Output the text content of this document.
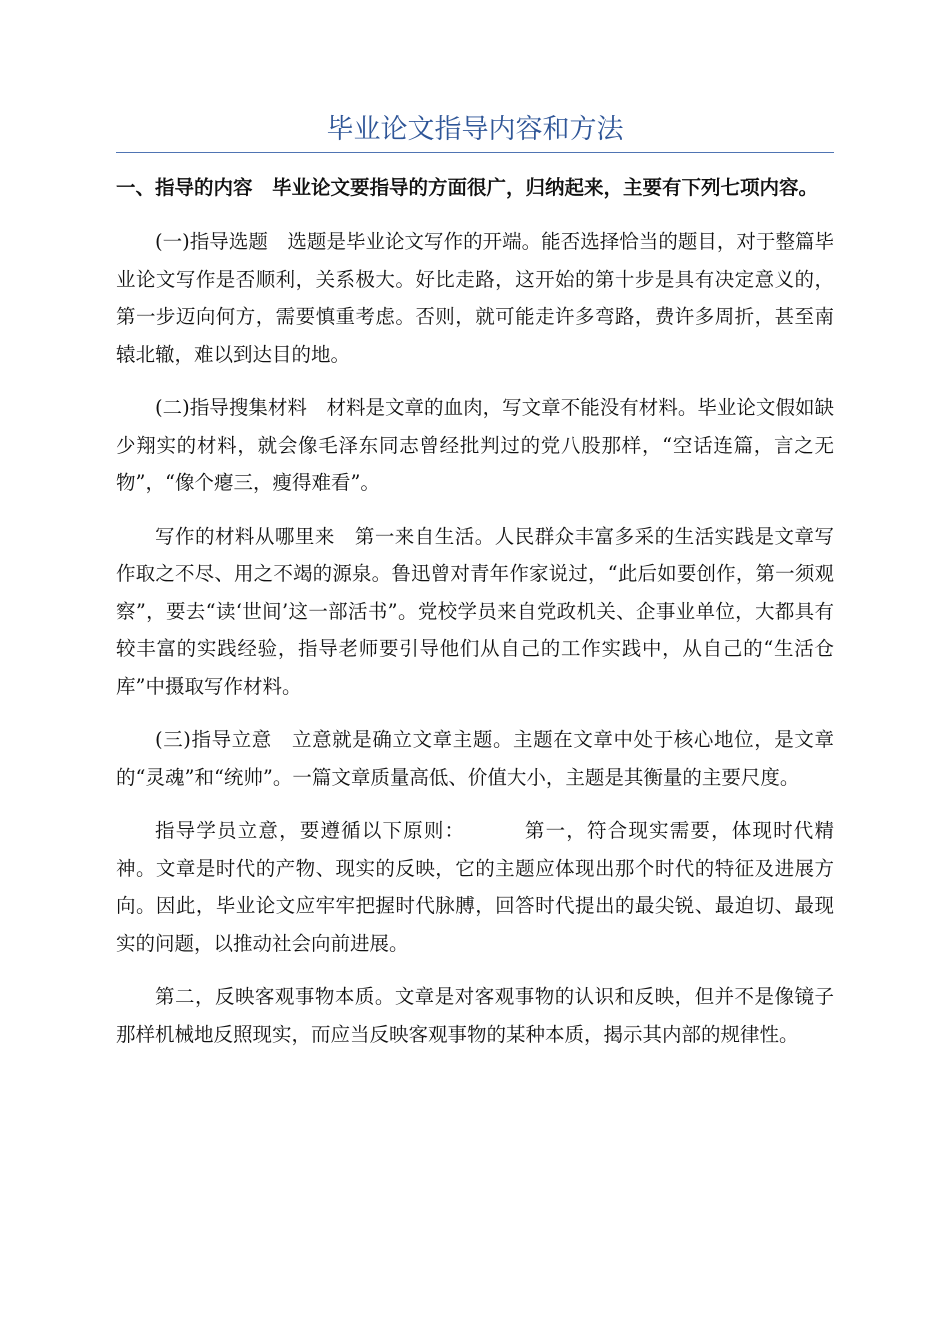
毕业论文指导内容和方法

一、指导的内容 毕业论文要指导的方面很广，归纳起来，主要有下列七项内容。

(一)指导选题 选题是毕业论文写作的开端。能否选择恰当的题目，对于整篇毕业论文写作是否顺利，关系极大。好比走路，这开始的第十步是具有决定意义的，第一步迈向何方，需要慎重考虑。否则，就可能走许多弯路，费许多周折，甚至南辕北辙，难以到达目的地。

(二)指导搜集材料 材料是文章的血肉，写文章不能没有材料。毕业论文假如缺少翔实的材料，就会像毛泽东同志曾经批判过的党八股那样，“空话连篇，言之无物”，“像个瘪三，瘦得难看”。

写作的材料从哪里来 第一来自生活。人民群众丰富多采的生活实践是文章写作取之不尽、用之不竭的源泉。鲁迅曾对青年作家说过，“此后如要创作，第一须观察”，要去“读‘世间’这一部活书”。党校学员来自党政机关、企事业单位，大都具有较丰富的实践经验，指导老师要引导他们从自己的工作实践中，从自己的“生活仓库”中摄取写作材料。

(三)指导立意 立意就是确立文章主题。主题在文章中处于核心地位，是文章的“灵魂”和“统帅”。一篇文章质量高低、价值大小，主题是其衡量的主要尺度。

指导学员立意，要遵循以下原则：	第一，符合现实需要，体现时代精神。文章是时代的产物、现实的反映，它的主题应体现出那个时代的特征及进展方向。因此，毕业论文应牢牢把握时代脉膊，回答时代提出的最尖锐、最迫切、最现实的问题，以推动社会向前进展。

第二，反映客观事物本质。文章是对客观事物的认识和反映，但并不是像镜子那样机械地反照现实，而应当反映客观事物的某种本质，揭示其内部的规律性。
